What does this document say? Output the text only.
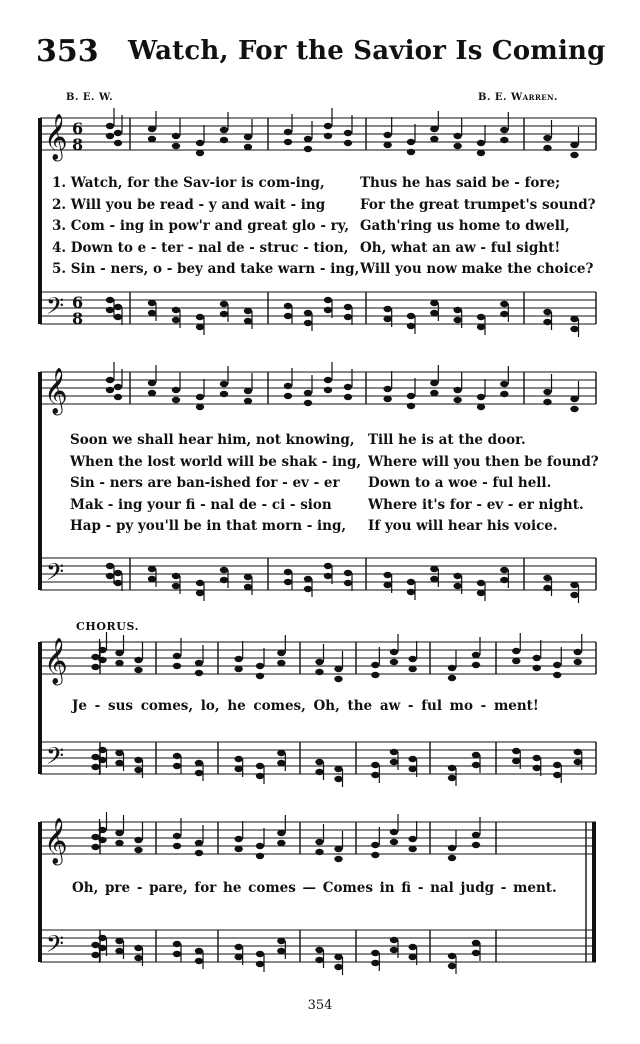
353 Watch, For the Savior Is Coming
B. E. W.	B. E. Warren.
𝄞
𝄢
6
8
6
8
1. Watch, for the Sav-ior is com-ing,	Thus he has said be - fore;
2. Will you be read - y and wait - ing	For the great trumpet's sound?
3. Com - ing in pow'r and great glo - ry, Gath'ring us home to dwell,
4. Down to e - ter - nal de - struc - tion, Oh, what an aw - ful sight!
5. Sin - ners, o - bey and take warn - ing, Will you now make the choice?
𝄞
𝄢
Soon we shall hear him, not knowing, Till he is at the door.
When the lost world will be shak - ing, Where will you then be found?
Sin - ners are ban-ished for - ev - er Down to a woe - ful hell.
Mak - ing your fi - nal de - ci - sion	Where it's for - ev - er night.
Hap - py you'll be in that morn - ing, If you will hear his voice.
CHORUS.
𝄞
𝄢
Je - sus comes, lo, he comes, Oh, the aw - ful mo - ment!
𝄞
𝄢
Oh, pre - pare, for he comes — Comes in fi - nal judg - ment.
354
